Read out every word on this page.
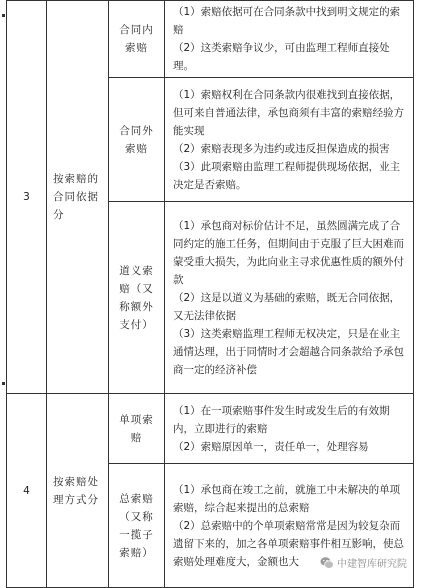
3	按索赔的合同依据分	合同内索赔	（1）索赔依据可在合同条款中找到明文规定的索赔
（2）这类索赔争议少，可由监理工程师直接处理。

		合同外索赔	（1）索赔权利在合同条款内很难找到直接依据，但可来自普通法律，承包商须有丰富的索赔经验方能实现
（2）索赔表现多为违约或违反担保造成的损害
（3）此项索赔由监理工程师提供现场依据，业主决定是否索赔。

		道义索赔（又称额外支付）	（1）承包商对标价估计不足，虽然圆满完成了合同约定的施工任务，但期间由于克服了巨大困难而蒙受重大损失，为此向业主寻求优惠性质的额外付款
（2）这是以道义为基础的索赔，既无合同依据，又无法律依据
（3）这类索赔监理工程师无权决定，只是在业主通情达理，出于同情时才会超越合同条款给予承包商一定的经济补偿

4	按索赔处理方式分	单项索赔	（1）在一项索赔事件发生时或发生后的有效期内，立即进行的索赔
（2）索赔原因单一，责任单一，处理容易

		总索赔（又称一揽子索赔）	（1）承包商在竣工之前，就施工中未解决的单项索赔，综合起来提出的总索赔
（2）总索赔中的个单项索赔常常是因为较复杂而遗留下来的，加之各单项索赔事件相互影响，使总索赔处理难度大，金额也大	中建智库研究院
